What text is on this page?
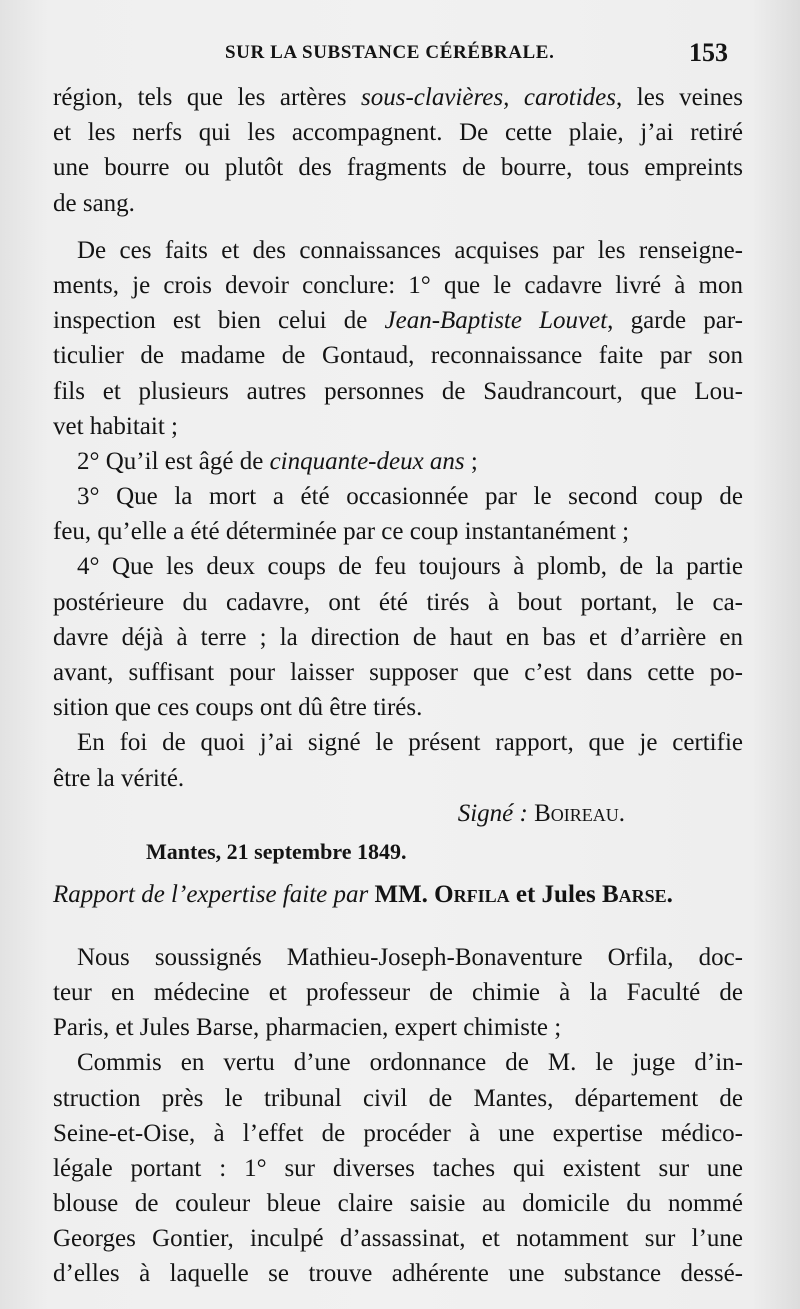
SUR LA SUBSTANCE CÉRÉBRALE.	153
région, tels que les artères sous-clavières, carotides, les veines
et les nerfs qui les accompagnent. De cette plaie, j’ai retiré
une bourre ou plutôt des fragments de bourre, tous empreints
de sang.
De ces faits et des connaissances acquises par les renseigne-
ments, je crois devoir conclure: 1° que le cadavre livré à mon
inspection est bien celui de Jean-Baptiste Louvet, garde par-
ticulier de madame de Gontaud, reconnaissance faite par son
fils et plusieurs autres personnes de Saudrancourt, que Lou-
vet habitait ;
2° Qu’il est âgé de cinquante-deux ans ;
3° Que la mort a été occasionnée par le second coup de
feu, qu’elle a été déterminée par ce coup instantanément ;
4° Que les deux coups de feu toujours à plomb, de la partie
postérieure du cadavre, ont été tirés à bout portant, le ca-
davre déjà à terre ; la direction de haut en bas et d’arrière en
avant, suffisant pour laisser supposer que c’est dans cette po-
sition que ces coups ont dû être tirés.
En foi de quoi j’ai signé le présent rapport, que je certifie
être la vérité.
Signé : Boireau.
Mantes, 21 septembre 1849.
Rapport de l’expertise faite par MM. Orfila et Jules Barse.
Nous soussignés Mathieu-Joseph-Bonaventure Orfila, doc-
teur en médecine et professeur de chimie à la Faculté de
Paris, et Jules Barse, pharmacien, expert chimiste ;
Commis en vertu d’une ordonnance de M. le juge d’in-
struction près le tribunal civil de Mantes, département de
Seine-et-Oise, à l’effet de procéder à une expertise médico-
légale portant : 1° sur diverses taches qui existent sur une
blouse de couleur bleue claire saisie au domicile du nommé
Georges Gontier, inculpé d’assassinat, et notamment sur l’une
d’elles à laquelle se trouve adhérente une substance dessé-
